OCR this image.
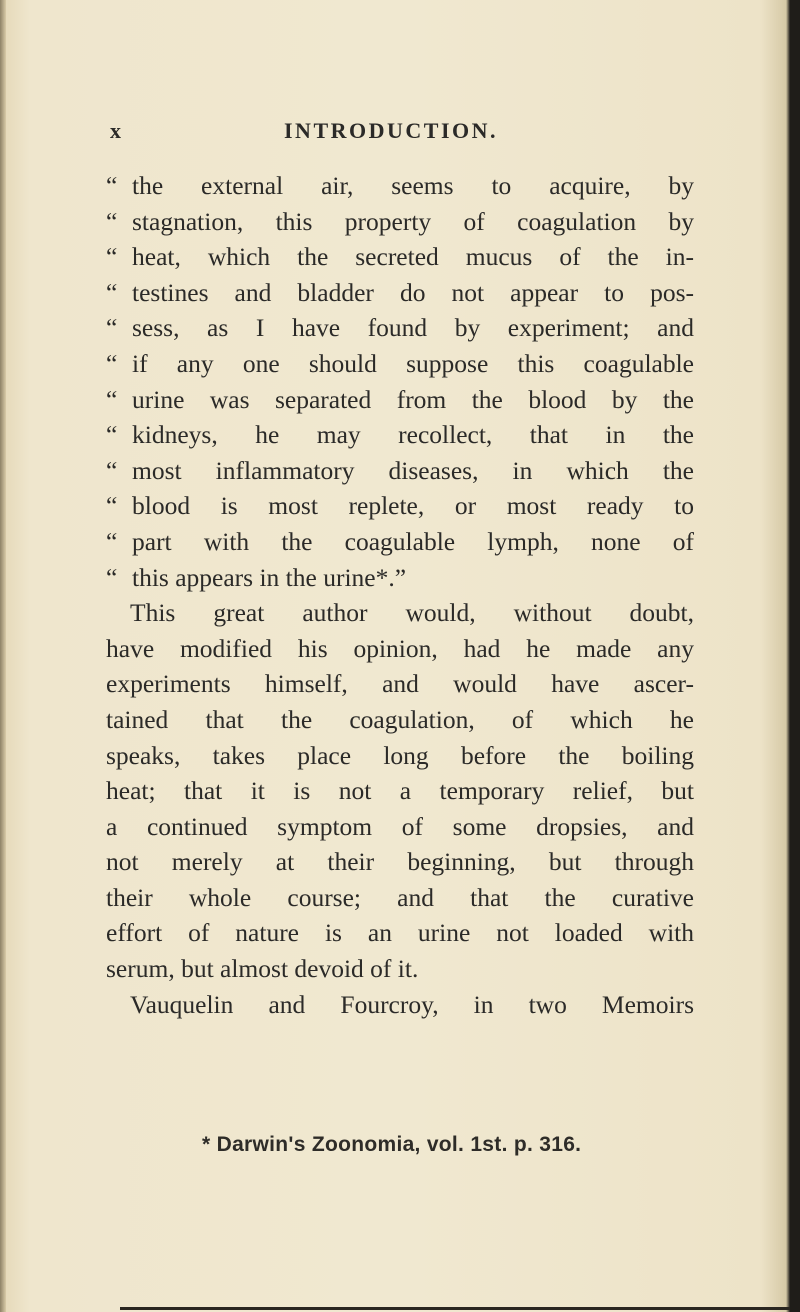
x	INTRODUCTION.
“ the external air, seems to acquire, by
“ stagnation, this property of coagulation by
“ heat, which the secreted mucus of the in-
“ testines and bladder do not appear to pos-
“ sess, as I have found by experiment; and
“ if any one should suppose this coagulable
“ urine was separated from the blood by the
“ kidneys, he may recollect, that in the
“ most inflammatory diseases, in which the
“ blood is most replete, or most ready to
“ part with the coagulable lymph, none of
“ this appears in the urine*.”
This great author would, without doubt,
have modified his opinion, had he made any
experiments himself, and would have ascer-
tained that the coagulation, of which he
speaks, takes place long before the boiling
heat; that it is not a temporary relief, but
a continued symptom of some dropsies, and
not merely at their beginning, but through
their whole course; and that the curative
effort of nature is an urine not loaded with
serum, but almost devoid of it.
Vauquelin and Fourcroy, in two Memoirs
* Darwin's Zoonomia, vol. 1st. p. 316.
